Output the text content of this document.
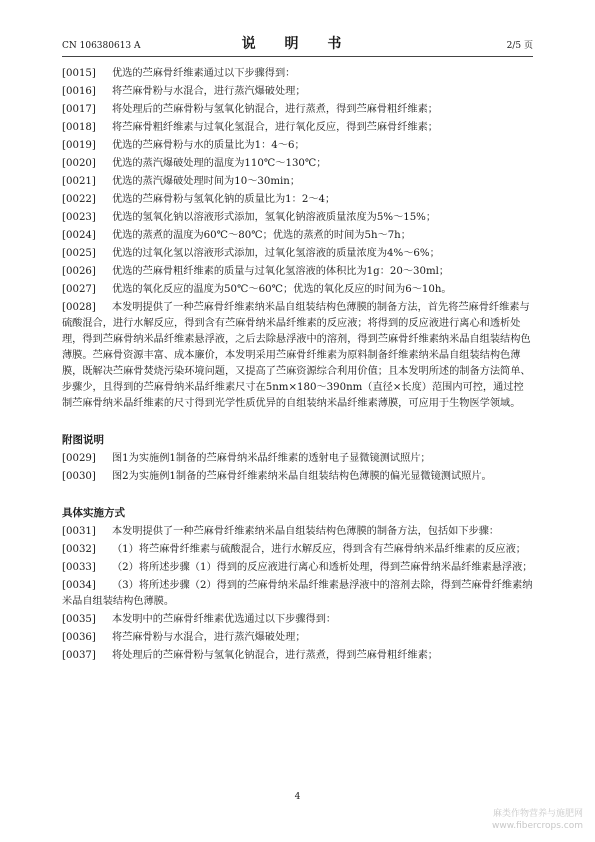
CN 106380613 A	说 明 书	2/5 页
[0015] 优选的苎麻骨纤维素通过以下步骤得到：
[0016] 将苎麻骨粉与水混合，进行蒸汽爆破处理；
[0017] 将处理后的苎麻骨粉与氢氧化钠混合，进行蒸煮，得到苎麻骨粗纤维素；
[0018] 将苎麻骨粗纤维素与过氧化氢混合，进行氧化反应，得到苎麻骨纤维素；
[0019] 优选的苎麻骨粉与水的质量比为1：4～6；
[0020] 优选的蒸汽爆破处理的温度为110℃～130℃；
[0021] 优选的蒸汽爆破处理时间为10～30min；
[0022] 优选的苎麻骨粉与氢氧化钠的质量比为1：2～4；
[0023] 优选的氢氧化钠以溶液形式添加，氢氧化钠溶液质量浓度为5%～15%；
[0024] 优选的蒸煮的温度为60℃～80℃；优选的蒸煮的时间为5h～7h；
[0025] 优选的过氧化氢以溶液形式添加，过氧化氢溶液的质量浓度为4%～6%；
[0026] 优选的苎麻骨粗纤维素的质量与过氧化氢溶液的体积比为1g：20～30ml；
[0027] 优选的氧化反应的温度为50℃～60℃；优选的氧化反应的时间为6～10h。
[0028] 本发明提供了一种苎麻骨纤维素纳米晶自组装结构色薄膜的制备方法，首先将苎麻骨纤维素与硫酸混合，进行水解反应，得到含有苎麻骨纳米晶纤维素的反应液；将得到的反应液进行离心和透析处理，得到苎麻骨纳米晶纤维素悬浮液，之后去除悬浮液中的溶剂，得到苎麻骨纤维素纳米晶自组装结构色薄膜。苎麻骨资源丰富、成本廉价，本发明采用苎麻骨纤维素为原料制备纤维素纳米晶自组装结构色薄膜，既解决苎麻骨焚烧污染环境问题，又提高了苎麻资源综合利用价值；且本发明所述的制备方法简单、步骤少，且得到的苎麻骨纳米晶纤维素尺寸在5nm×180～390nm（直径×长度）范围内可控，通过控制苎麻骨纳米晶纤维素的尺寸得到光学性质优异的自组装纳米晶纤维素薄膜，可应用于生物医学领域。
附图说明
[0029] 图1为实施例1制备的苎麻骨纳米晶纤维素的透射电子显微镜测试照片；
[0030] 图2为实施例1制备的苎麻骨纤维素纳米晶自组装结构色薄膜的偏光显微镜测试照片。
具体实施方式
[0031] 本发明提供了一种苎麻骨纤维素纳米晶自组装结构色薄膜的制备方法，包括如下步骤：
[0032] （1）将苎麻骨纤维素与硫酸混合，进行水解反应，得到含有苎麻骨纳米晶纤维素的反应液；
[0033] （2）将所述步骤（1）得到的反应液进行离心和透析处理，得到苎麻骨纳米晶纤维素悬浮液；
[0034] （3）将所述步骤（2）得到的苎麻骨纳米晶纤维素悬浮液中的溶剂去除，得到苎麻骨纤维素纳米晶自组装结构色薄膜。
[0035] 本发明中的苎麻骨纤维素优选通过以下步骤得到：
[0036] 将苎麻骨粉与水混合，进行蒸汽爆破处理；
[0037] 将处理后的苎麻骨粉与氢氧化钠混合，进行蒸煮，得到苎麻骨粗纤维素；
4
麻类作物营养与施肥网
www.fibercrops.com
